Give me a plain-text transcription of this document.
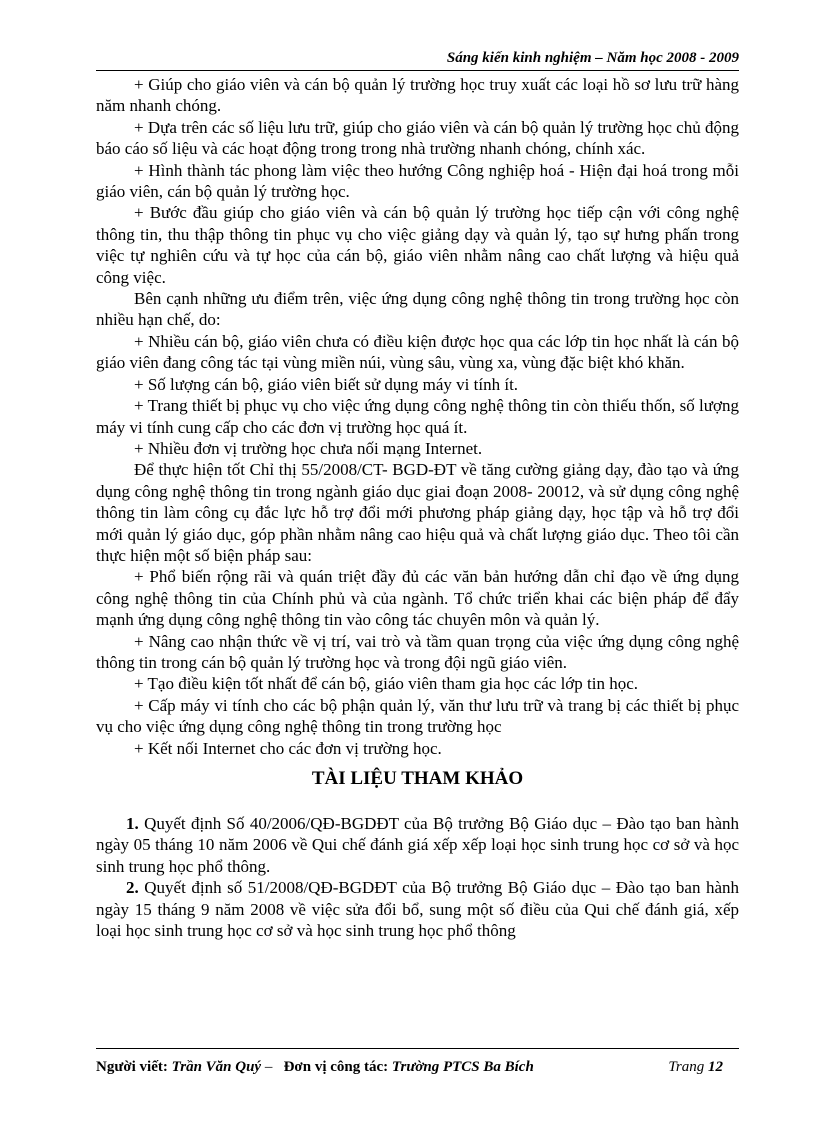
Sáng kiến kinh nghiệm – Năm học 2008 - 2009

+ Giúp cho giáo viên và cán bộ quản lý trường học truy xuất các loại hồ sơ lưu trữ hàng năm nhanh chóng.

+ Dựa trên các số liệu lưu trữ, giúp cho giáo viên và cán bộ quản lý trường học chủ động báo cáo số liệu và các hoạt động trong trong nhà trường nhanh chóng, chính xác.

+ Hình thành tác phong làm việc theo hướng Công nghiệp hoá - Hiện đại hoá trong mỗi giáo viên, cán bộ quản lý trường học.

+ Bước đầu giúp cho giáo viên và cán bộ quản lý trường học tiếp cận với công nghệ thông tin, thu thập thông tin phục vụ cho việc giảng dạy và quản lý, tạo sự hưng phấn trong việc tự nghiên cứu và tự học của cán bộ, giáo viên nhằm nâng cao chất lượng và hiệu quả công việc.

Bên cạnh những ưu điểm trên, việc ứng dụng công nghệ thông tin trong trường học còn nhiều hạn chế, do:

+ Nhiều cán bộ, giáo viên chưa có điều kiện được học qua các lớp tin học nhất là cán bộ giáo viên đang công tác tại vùng miền núi, vùng sâu, vùng xa, vùng đặc biệt khó khăn.

+ Số lượng cán bộ, giáo viên biết sử dụng máy vi tính ít.

+ Trang thiết bị phục vụ cho việc ứng dụng công nghệ thông tin còn thiếu thốn, số lượng máy vi tính cung cấp cho các đơn vị trường học quá ít.

+ Nhiều đơn vị trường học chưa nối mạng Internet.

Để thực hiện tốt Chỉ thị 55/2008/CT- BGD-ĐT về tăng cường giảng dạy, đào tạo và ứng dụng công nghệ thông tin trong ngành giáo dục giai đoạn 2008- 20012, và sử dụng công nghệ thông tin làm công cụ đắc lực hỗ trợ đổi mới phương pháp giảng dạy, học tập và hỗ trợ đổi mới quản lý giáo dục, góp phần nhằm nâng cao hiệu quả và chất lượng giáo dục. Theo tôi cần thực hiện một số biện pháp sau:

+ Phổ biến rộng rãi và quán triệt đầy đủ các văn bản hướng dẫn chỉ đạo về ứng dụng công nghệ thông tin của Chính phủ và của ngành. Tổ chức triển khai các biện pháp để đẩy mạnh ứng dụng công nghệ thông tin vào công tác chuyên môn và quản lý.

+ Nâng cao nhận thức về vị trí, vai trò và tầm quan trọng của việc ứng dụng công nghệ thông tin trong cán bộ quản lý trường học và trong đội ngũ giáo viên.

+ Tạo điều kiện tốt nhất để cán bộ, giáo viên tham gia học các lớp tin học.

+ Cấp máy vi tính cho các bộ phận quản lý, văn thư lưu trữ và trang bị các thiết bị phục vụ cho việc ứng dụng công nghệ thông tin trong trường học

+ Kết nối Internet cho các đơn vị trường học.

TÀI LIỆU THAM KHẢO

1. Quyết định Số 40/2006/QĐ-BGDĐT của Bộ trưởng Bộ Giáo dục – Đào tạo ban hành ngày 05 tháng 10 năm 2006 về Qui chế đánh giá xếp xếp loại học sinh trung học cơ sở và học sinh trung học phổ thông.

2. Quyết định số 51/2008/QĐ-BGDĐT của Bộ trưởng Bộ Giáo dục – Đào tạo ban hành ngày 15 tháng 9 năm 2008 về việc sửa đổi bổ, sung một số điều của Qui chế đánh giá, xếp loại học sinh trung học cơ sở và học sinh trung học phổ thông

Người viết: Trần Văn Quý – Đơn vị công tác: Trường PTCS Ba Bích	Trang 12
